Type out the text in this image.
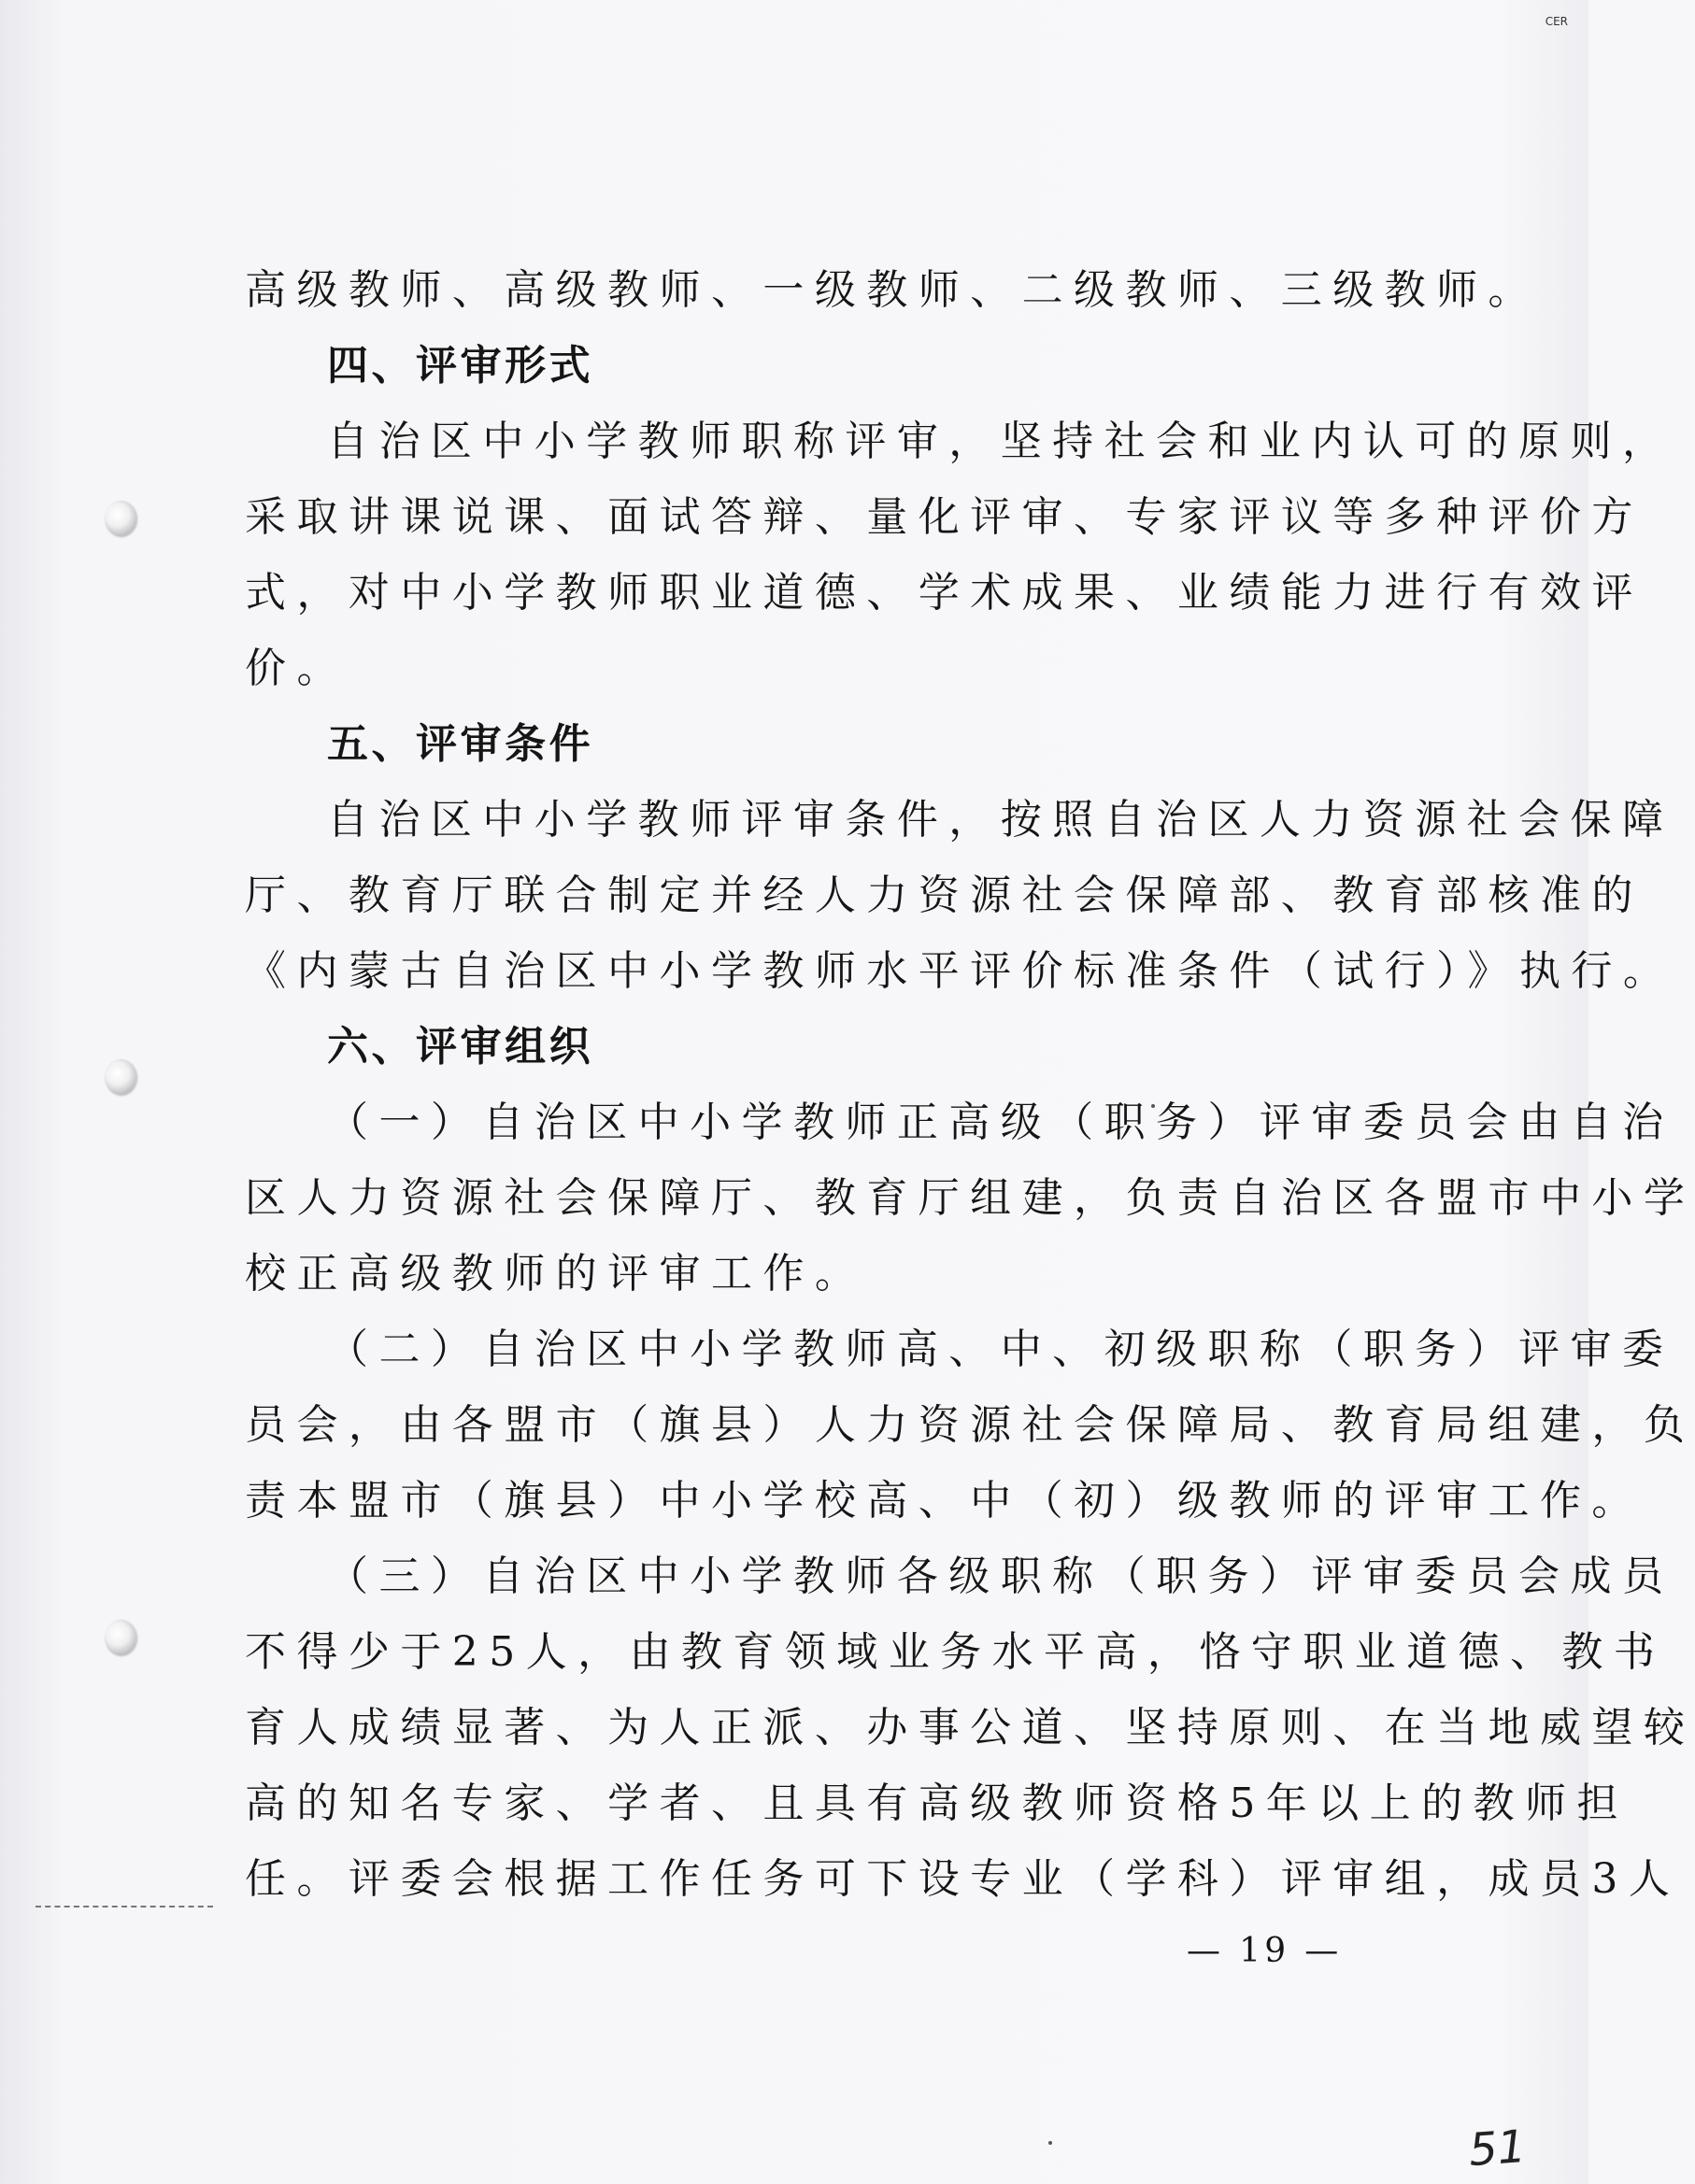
CER
高级教师、高级教师、一级教师、二级教师、三级教师。
四、评审形式
自治区中小学教师职称评审，坚持社会和业内认可的原则，
采取讲课说课、面试答辩、量化评审、专家评议等多种评价方
式，对中小学教师职业道德、学术成果、业绩能力进行有效评
价。
五、评审条件
自治区中小学教师评审条件，按照自治区人力资源社会保障
厅、教育厅联合制定并经人力资源社会保障部、教育部核准的
《内蒙古自治区中小学教师水平评价标准条件（试行）》执行。
六、评审组织
（一）自治区中小学教师正高级（职务）评审委员会由自治
区人力资源社会保障厅、教育厅组建，负责自治区各盟市中小学
校正高级教师的评审工作。
（二）自治区中小学教师高、中、初级职称（职务）评审委
员会，由各盟市（旗县）人力资源社会保障局、教育局组建，负
责本盟市（旗县）中小学校高、中（初）级教师的评审工作。
（三）自治区中小学教师各级职称（职务）评审委员会成员
不得少于25人，由教育领域业务水平高，恪守职业道德、教书
育人成绩显著、为人正派、办事公道、坚持原则、在当地威望较
高的知名专家、学者、且具有高级教师资格5年以上的教师担
任。评委会根据工作任务可下设专业（学科）评审组，成员3人
— 19 —
51
